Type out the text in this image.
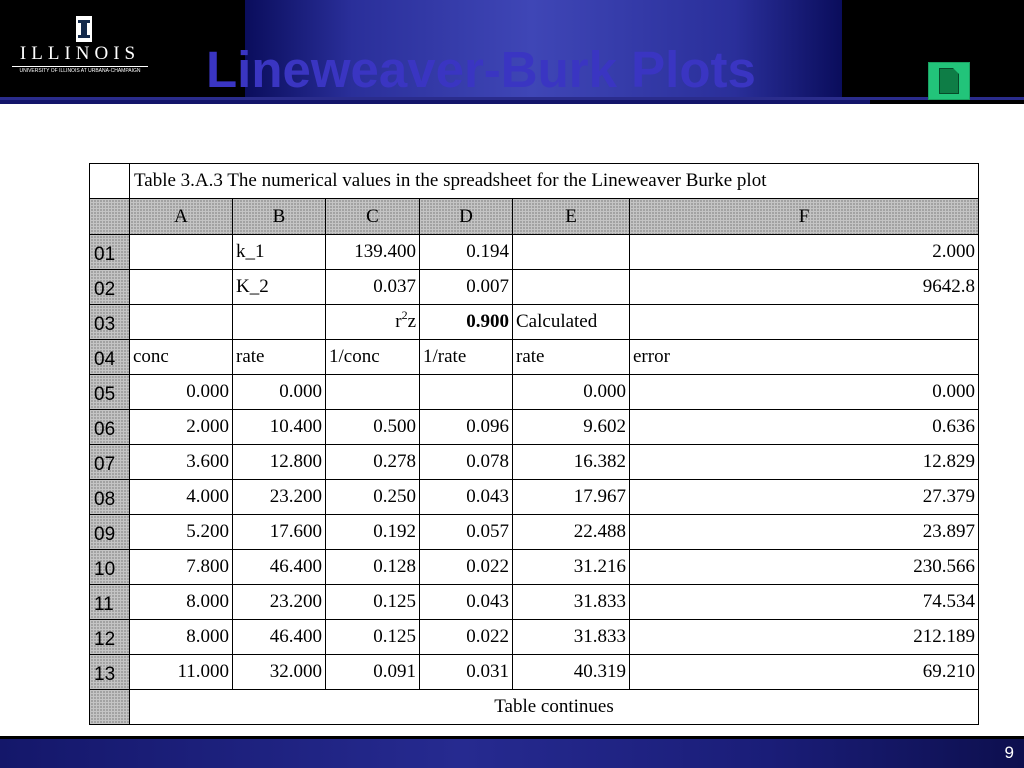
ILLINOIS
UNIVERSITY OF ILLINOIS AT URBANA-CHAMPAIGN Lineweaver-Burk Plots
	Table 3.A.3 The numerical values in the spreadsheet for the Lineweaver Burke plot					
	A	B	C	D	E	F
01		k_1	139.400	0.194		2.000
02		K_2	0.037	0.007		9642.8
03			$r^2z$	0.900	Calculated	
04	conc	rate	1/conc	1/rate	rate	error
05	0.000	0.000			0.000	0.000
06	2.000	10.400	0.500	0.096	9.602	0.636
07	3.600	12.800	0.278	0.078	16.382	12.829
08	4.000	23.200	0.250	0.043	17.967	27.379
09	5.200	17.600	0.192	0.057	22.488	23.897
10	7.800	46.400	0.128	0.022	31.216	230.566
11	8.000	23.200	0.125	0.043	31.833	74.534
12	8.000	46.400	0.125	0.022	31.833	212.189
13	11.000	32.000	0.091	0.031	40.319	69.210
	Table continues					
9
